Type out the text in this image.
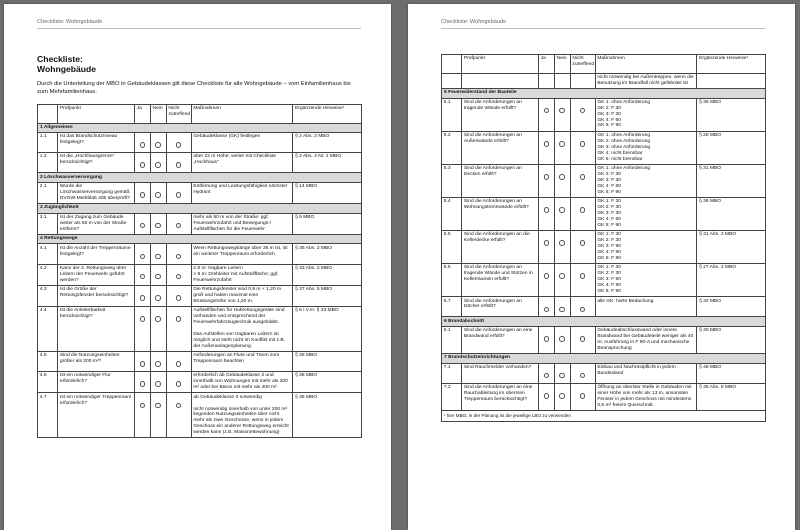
Checkliste: Wohngebäude

Checkliste:
Wohngebäude

Durch die Unterteilung der MBO in Gebäudeklassen gilt diese Checkliste für alle Wohngebäude – vom Einfamilienhaus bis zum Mehrfamilienhaus.

	Prüfpunkt	Ja	Nein	Nicht zutreffend	Maßnahmen	Ergänzende Hinweise¹
1 Allgemeines						
1.1	Ist das Brandschutzniveau festgelegt?				Gebäudeklasse (GK) festlegen	§ 2 Abs. 3 MBO
1.2	Ist die „Hochhausgrenze“ berücksichtigt?				über 22 m Höhe; weiter mit Checkliste „Hochhaus“	§ 2 Abs. 4 Nr. 1 MBO
2 Löschwasserversorgung						
2.1	Wurde die Löschwasserversorgung gemäß DVGW-Merkblatt 405 überprüft?				Entfernung und Leistungsfähigkeit nächster Hydrant	§ 14 MBO
3 Zugänglichkeit						
3.1	Ist der Zugang zum Gebäude weiter als 50 m von der Straße entfernt?				mehr als 50 m von der Straße: ggf. Feuerwehrzufahrt und Bewegungs-/ Aufstellflächen für die Feuerwehr	§ 5 MBO
4 Rettungswege						
4.1	Ist die Anzahl der Treppenräume festgelegt?				Wenn Rettungswegslänge über 35 m ist, ist ein weiterer Treppenraum erforderlich	§ 35 Abs. 2 MBO
4.2	Kann der 2. Rettungsweg über Leitern der Feuerwehr geführt werden?				≤ 8 m: tragbare Leitern
> 8 m: Drehleiter mit Aufstellfläche; ggf. Feuerwehrzufahrt	§ 33 Abs. 2 MBO
4.3	Ist die Größe der Rettungsfenster berücksichtigt?				Die Rettungsfenster sind 0,9 m × 1,20 m groß und haben maximal eine Brüstungshöhe von 1,20 m.	§ 37 Abs. 5 MBO
4.4	Ist die Anleiterbarkeit berücksichtigt?				Aufstellflächen für Hubrettungsgeräte sind vorhanden und entsprechend der Feuerwehrfahrzeugtechnik ausgebildet.

Das Aufstellen von tragbaren Leitern ist möglich und steht nicht im Konflikt mit z.B. der Außenanlagenplanung.	§ 5 i.V.m. § 33 MBO
4.5	Sind die Nutzungseinheiten größer als 200 m²?				Anforderungen an Flure und Türen zum Treppenraum beachten	§ 36 MBO
4.6	Ist ein notwendiger Flur erforderlich?				erforderlich ab Gebäudeklasse 3 und innerhalb von Wohnungen mit mehr als 200 m² oder bei Büros mit mehr als 400 m²	§ 36 MBO
4.7	Ist ein notwendiger Treppenraum erforderlich?				ab Gebäudeklasse 3 notwendig

nicht notwendig innerhalb von unter 200 m² liegenden Nutzungseinheiten über nicht mehr als zwei Geschosse, wenn in jedem Geschoss ein anderer Rettungsweg erreicht werden kann (z.B. Maisonettewohnung)	§ 35 MBO

Checkliste: Wohngebäude

	Prüfpunkt	Ja	Nein	Nicht zutreffend	Maßnahmen	Ergänzende Hinweise¹
					nicht notwendig bei Außentreppen, wenn die Benutzung im Brandfall nicht gefährdet ist	
5 Feuerwiderstand der Bauteile						
5.1	Sind die Anforderungen an tragende Wände erfüllt?				GK 1: ohne Anforderung
GK 2: F 30
GK 3: F 30
GK 4: F 60
GK 5: F 90	§ 36 MBO
5.2	Sind die Anforderungen an Außenwände erfüllt?				GK 1: ohne Anforderung
GK 2: ohne Anforderung
GK 3: ohne Anforderung
GK 4: nicht brennbar
GK 5: nicht brennbar	§ 28 MBO
5.3	Sind die Anforderungen an Decken erfüllt?				GK 1: ohne Anforderung
GK 2: F 30
GK 3: F 30
GK 4: F 60
GK 5: F 90	§ 31 MBO
5.4	Sind die Anforderungen an Wohnungstrennwände erfüllt?				GK 1: F 30
GK 2: F 30
GK 3: F 30
GK 4: F 60
GK 5: F 90	§ 36 MBO
5.5	Sind die Anforderungen an die Kellerdecke erfüllt?				GK 1: F 30
GK 2: F 30
GK 3: F 90
GK 4: F 90
GK 5: F 90	§ 31 Abs. 2 MBO
5.6	Sind die Anforderungen an tragende Wände und Stützen in Kellerräumen erfüllt?				GK 1: F 30
GK 2: F 30
GK 3: F 90
GK 4: F 90
GK 5: F 90	§ 27 Abs. 2 MBO
5.7	Sind die Anforderungen an Dächer erfüllt?				alle GK: harte Bedachung	§ 32 MBO
6 Brandabschnitt						
6.1	Sind die Anforderungen an eine Brandwand erfüllt?				Gebäudeabschlusswand oder innere Brandwand bei Gebäudeteile weniger als 40 m; Ausführung in F 90-A und mechanische Beanspruchung	§ 30 MBO
7 Brandschutzeinrichtungen						
7.1	Sind Rauchmelder vorhanden?				Einbau und Nachrüstpflicht in jedem Bundesland	§ 48 MBO
7.2	Sind die Anforderungen an eine Rauchableitung im obersten Treppenraum berücksichtigt?				Öffnung an oberster Stelle in Gebäuden mit einer Höhe von mehr als 13 m, ansonsten Fenster in jedem Geschoss mit mindestens 0,5 m² freiem Querschnitt	§ 35 Abs. 8 MBO
¹ hier MBO, in der Planung ist die jeweilige LBO zu verwenden						
